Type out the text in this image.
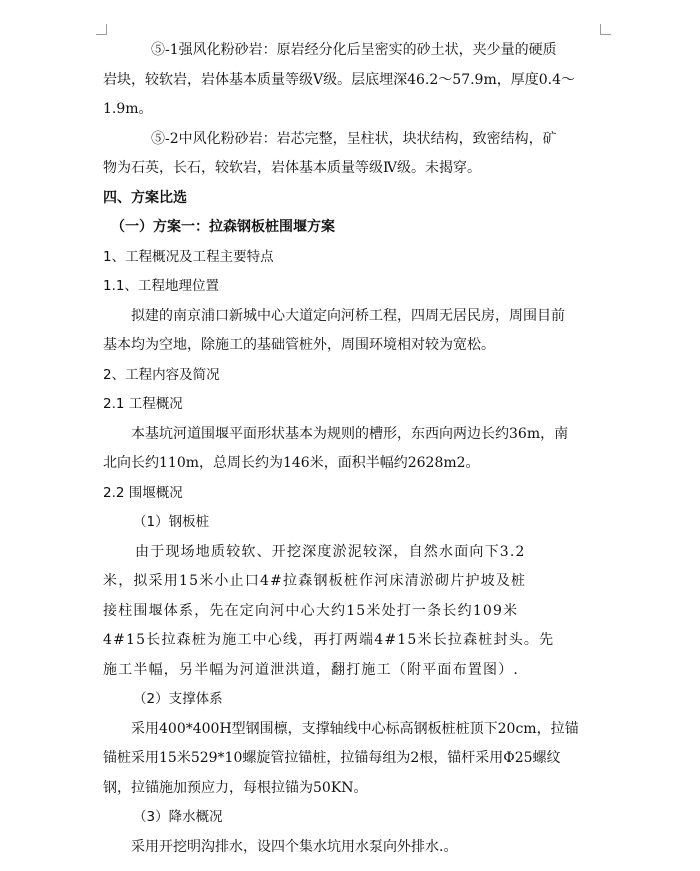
⑤-1强风化粉砂岩：原岩经分化后呈密实的砂土状，夹少量的硬质
岩块，较软岩，岩体基本质量等级Ⅴ级。层底埋深46.2～57.9m，厚度0.4～
1.9m。
⑤-2中风化粉砂岩：岩芯完整，呈柱状，块状结构，致密结构，矿
物为石英，长石，较软岩，岩体基本质量等级Ⅳ级。未揭穿。
四、方案比选
（一）方案一：拉森钢板桩围堰方案
1、工程概况及工程主要特点
1.1、工程地理位置
拟建的南京浦口新城中心大道定向河桥工程，四周无居民房，周围目前
基本均为空地，除施工的基础管桩外，周围环境相对较为宽松。
2、工程内容及简况
2.1 工程概况
本基坑河道围堰平面形状基本为规则的槽形，东西向两边长约36m，南
北向长约110m，总周长约为146米，面积半幅约2628m2。
2.2 围堰概况
（1）钢板桩
由于现场地质较软、开挖深度淤泥较深，自然水面向下3.2
米，拟采用15米小止口4#拉森钢板桩作河床清淤砌片护坡及桩
接柱围堰体系，先在定向河中心大约15米处打一条长约109米
4#15长拉森桩为施工中心线，再打两端4#15米长拉森桩封头。先
施工半幅，另半幅为河道泄洪道，翻打施工（附平面布置图）.
（2）支撑体系
采用400*400H型钢围檩，支撑轴线中心标高钢板桩桩顶下20cm，拉锚
锚桩采用15米529*10螺旋管拉锚桩，拉锚每组为2根，锚杆采用Φ25螺纹
钢，拉锚施加预应力，每根拉锚为50KN。
（3）降水概况
采用开挖明沟排水，设四个集水坑用水泵向外排水.。
